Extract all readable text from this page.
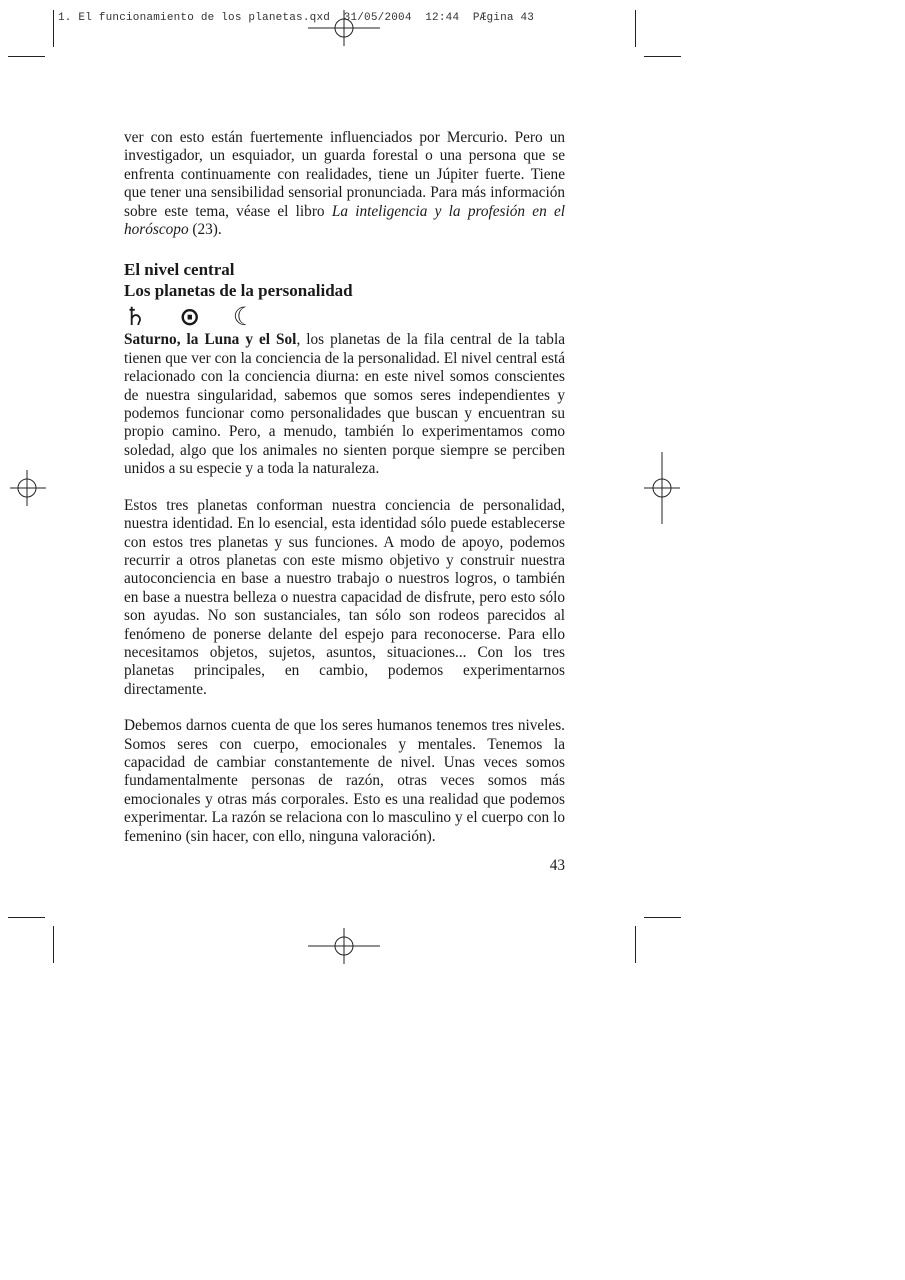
1. El funcionamiento de los planetas.qxd  31/05/2004  12:44  PÆgina 43

ver con esto están fuertemente influenciados por Mercurio. Pero un investigador, un esquiador, un guarda forestal o una persona que se enfrenta continuamente con realidades, tiene un Júpiter fuerte. Tiene que tener una sensibilidad sensorial pronunciada. Para más información sobre este tema, véase el libro La inteligencia y la profesión en el horóscopo (23).

El nivel central
Los planetas de la personalidad
♄ ⊙ ☾

Saturno, la Luna y el Sol, los planetas de la fila central de la tabla tienen que ver con la conciencia de la personalidad. El nivel central está relacionado con la conciencia diurna: en este nivel somos conscientes de nuestra singularidad, sabemos que somos seres independientes y podemos funcionar como personalidades que buscan y encuentran su propio camino. Pero, a menudo, también lo experimentamos como soledad, algo que los animales no sienten porque siempre se perciben unidos a su especie y a toda la naturaleza.

Estos tres planetas conforman nuestra conciencia de personalidad, nuestra identidad. En lo esencial, esta identidad sólo puede establecerse con estos tres planetas y sus funciones. A modo de apoyo, podemos recurrir a otros planetas con este mismo objetivo y construir nuestra autoconciencia en base a nuestro trabajo o nuestros logros, o también en base a nuestra belleza o nuestra capacidad de disfrute, pero esto sólo son ayudas. No son sustanciales, tan sólo son rodeos parecidos al fenómeno de ponerse delante del espejo para reconocerse. Para ello necesitamos objetos, sujetos, asuntos, situaciones... Con los tres planetas principales, en cambio, podemos experimentarnos directamente.

Debemos darnos cuenta de que los seres humanos tenemos tres niveles. Somos seres con cuerpo, emocionales y mentales. Tenemos la capacidad de cambiar constantemente de nivel. Unas veces somos fundamentalmente personas de razón, otras veces somos más emocionales y otras más corporales. Esto es una realidad que podemos experimentar. La razón se relaciona con lo masculino y el cuerpo con lo femenino (sin hacer, con ello, ninguna valoración).

43
